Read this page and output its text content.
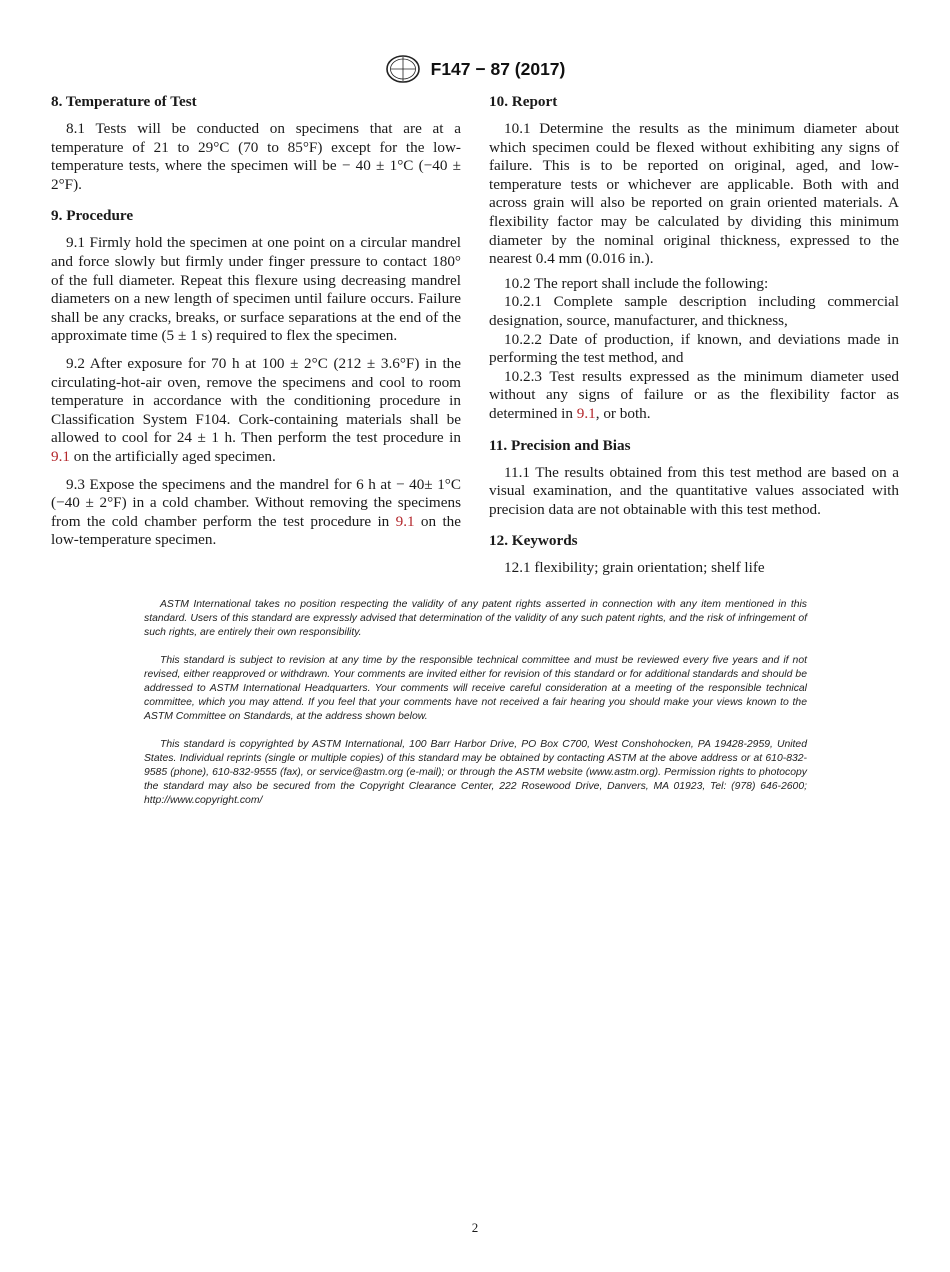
F147 − 87 (2017)
8. Temperature of Test

8.1 Tests will be conducted on specimens that are at a temperature of 21 to 29°C (70 to 85°F) except for the low-temperature tests, where the specimen will be − 40 ± 1°C (−40 ± 2°F).

9. Procedure

9.1 Firmly hold the specimen at one point on a circular mandrel and force slowly but firmly under finger pressure to contact 180° of the full diameter. Repeat this flexure using decreasing mandrel diameters on a new length of specimen until failure occurs. Failure shall be any cracks, breaks, or surface separations at the end of the approximate time (5 ± 1 s) required to flex the specimen.

9.2 After exposure for 70 h at 100 ± 2°C (212 ± 3.6°F) in the circulating-hot-air oven, remove the specimens and cool to room temperature in accordance with the conditioning procedure in Classification System F104. Cork-containing materials shall be allowed to cool for 24 ± 1 h. Then perform the test procedure in 9.1 on the artificially aged specimen.

9.3 Expose the specimens and the mandrel for 6 h at − 40± 1°C (−40 ± 2°F) in a cold chamber. Without removing the specimens from the cold chamber perform the test procedure in 9.1 on the low-temperature specimen.

10. Report

10.1 Determine the results as the minimum diameter about which specimen could be flexed without exhibiting any signs of failure. This is to be reported on original, aged, and low-temperature tests or whichever are applicable. Both with and across grain will also be reported on grain oriented materials. A flexibility factor may be calculated by dividing this minimum diameter by the nominal original thickness, expressed to the nearest 0.4 mm (0.016 in.).

10.2 The report shall include the following:

10.2.1 Complete sample description including commercial designation, source, manufacturer, and thickness,

10.2.2 Date of production, if known, and deviations made in performing the test method, and

10.2.3 Test results expressed as the minimum diameter used without any signs of failure or as the flexibility factor as determined in 9.1, or both.

11. Precision and Bias

11.1 The results obtained from this test method are based on a visual examination, and the quantitative values associated with precision data are not obtainable with this test method.

12. Keywords

12.1 flexibility; grain orientation; shelf life

ASTM International takes no position respecting the validity of any patent rights asserted in connection with any item mentioned in this standard. Users of this standard are expressly advised that determination of the validity of any such patent rights, and the risk of infringement of such rights, are entirely their own responsibility.

This standard is subject to revision at any time by the responsible technical committee and must be reviewed every five years and if not revised, either reapproved or withdrawn. Your comments are invited either for revision of this standard or for additional standards and should be addressed to ASTM International Headquarters. Your comments will receive careful consideration at a meeting of the responsible technical committee, which you may attend. If you feel that your comments have not received a fair hearing you should make your views known to the ASTM Committee on Standards, at the address shown below.

This standard is copyrighted by ASTM International, 100 Barr Harbor Drive, PO Box C700, West Conshohocken, PA 19428-2959, United States. Individual reprints (single or multiple copies) of this standard may be obtained by contacting ASTM at the above address or at 610-832-9585 (phone), 610-832-9555 (fax), or service@astm.org (e-mail); or through the ASTM website (www.astm.org). Permission rights to photocopy the standard may also be secured from the Copyright Clearance Center, 222 Rosewood Drive, Danvers, MA 01923, Tel: (978) 646-2600; http://www.copyright.com/

2
